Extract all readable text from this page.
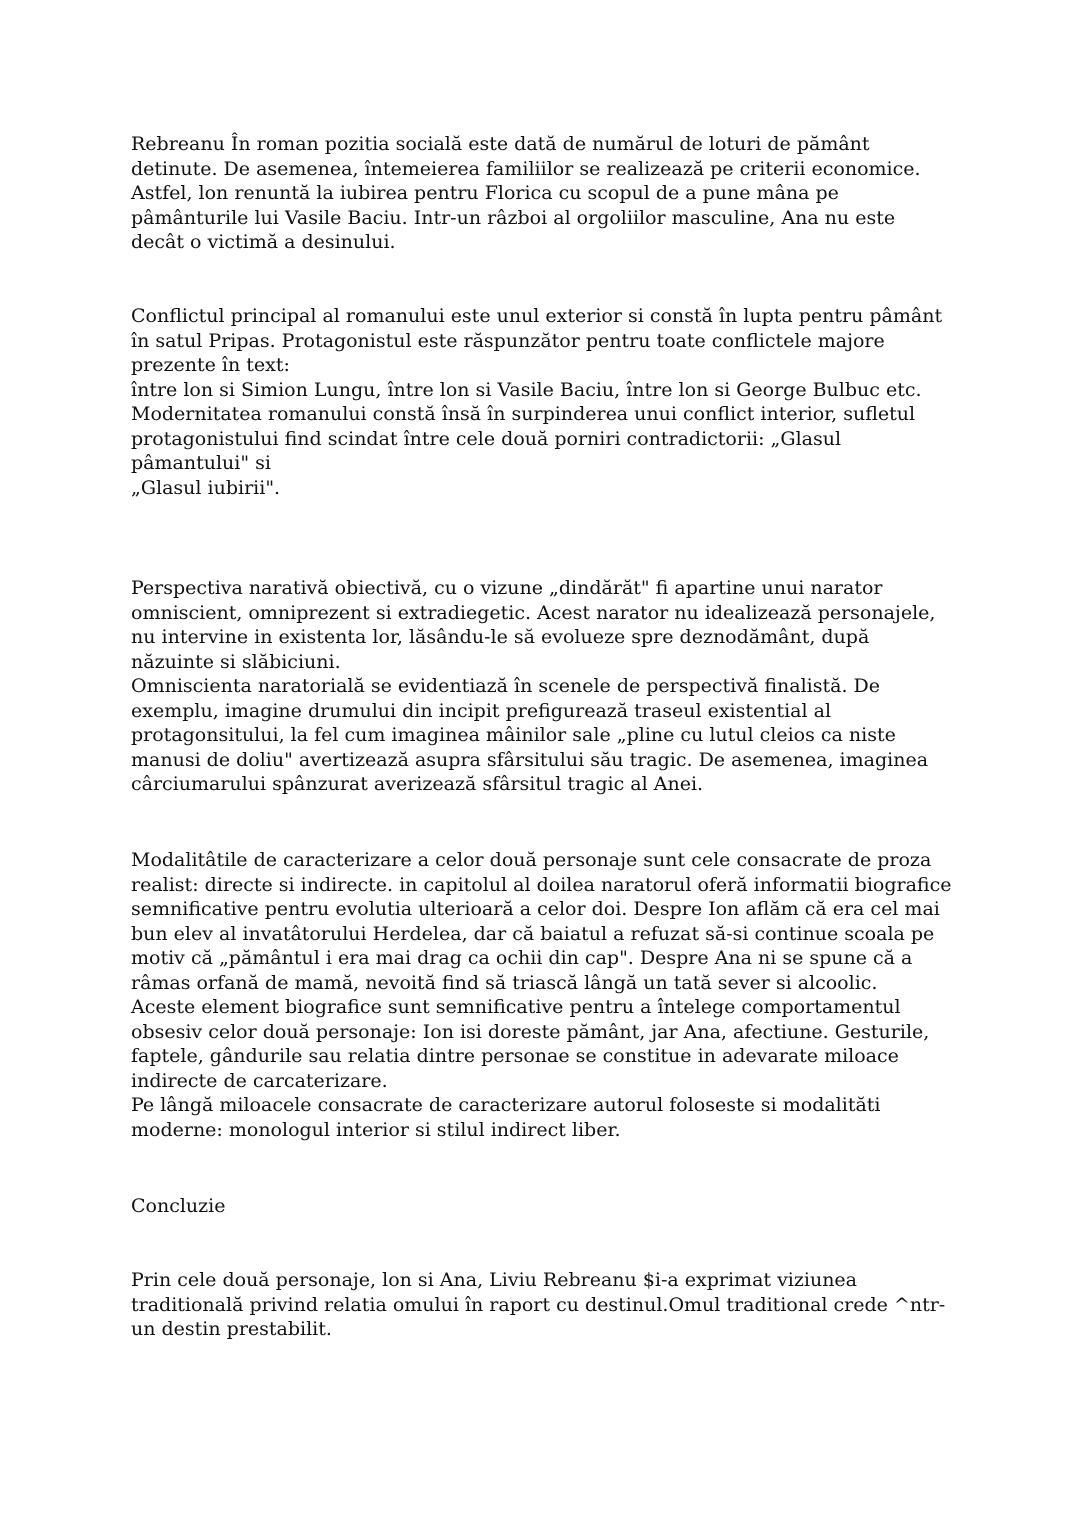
Rebreanu În roman pozitia socială este dată de numărul de loturi de pământ
detinute. De asemenea, întemeierea familiilor se realizează pe criterii economice.
Astfel, lon renuntă la iubirea pentru Florica cu scopul de a pune mâna pe
pâmânturile lui Vasile Baciu. Intr-un râzboi al orgoliilor masculine, Ana nu este
decât o victimă a desinului.

Conflictul principal al romanului este unul exterior si constă în lupta pentru pâmânt
în satul Pripas. Protagonistul este răspunzător pentru toate conflictele majore
prezente în text:
între lon si Simion Lungu, între lon si Vasile Baciu, între lon si George Bulbuc etc.
Modernitatea romanului constă însă în surpinderea unui conflict interior, sufletul
protagonistului find scindat între cele două porniri contradictorii: „Glasul
pâmantului" si
„Glasul iubirii".

Perspectiva narativă obiectivă, cu o vizune „dindărăt" fi apartine unui narator
omniscient, omniprezent si extradiegetic. Acest narator nu idealizează personajele,
nu intervine in existenta lor, lăsându-le să evolueze spre deznodământ, după
năzuinte si slăbiciuni.
Omniscienta naratorială se evidentiază în scenele de perspectivă finalistă. De
exemplu, imagine drumului din incipit prefigurează traseul existential al
protagonsitului, la fel cum imaginea mâinilor sale „pline cu lutul cleios ca niste
manusi de doliu" avertizează asupra sfârsitului său tragic. De asemenea, imaginea
cârciumarului spânzurat averizează sfârsitul tragic al Anei.

Modalitâtile de caracterizare a celor două personaje sunt cele consacrate de proza
realist: directe si indirecte. in capitolul al doilea naratorul oferă informatii biografice
semnificative pentru evolutia ulterioară a celor doi. Despre Ion aflăm că era cel mai
bun elev al invatâtorului Herdelea, dar că baiatul a refuzat să-si continue scoala pe
motiv că „pământul i era mai drag ca ochii din cap". Despre Ana ni se spune că a
râmas orfană de mamă, nevoită find să triască lângă un tată sever si alcoolic.
Aceste element biografice sunt semnificative pentru a întelege comportamentul
obsesiv celor două personaje: Ion isi doreste pământ, jar Ana, afectiune. Gesturile,
faptele, gândurile sau relatia dintre personae se constitue in adevarate miloace
indirecte de carcaterizare.
Pe lângă miloacele consacrate de caracterizare autorul foloseste si modalităti
moderne: monologul interior si stilul indirect liber.

Concluzie

Prin cele două personaje, lon si Ana, Liviu Rebreanu $i-a exprimat viziunea
traditională privind relatia omului în raport cu destinul.Omul traditional crede ^ntr-
un destin prestabilit.
